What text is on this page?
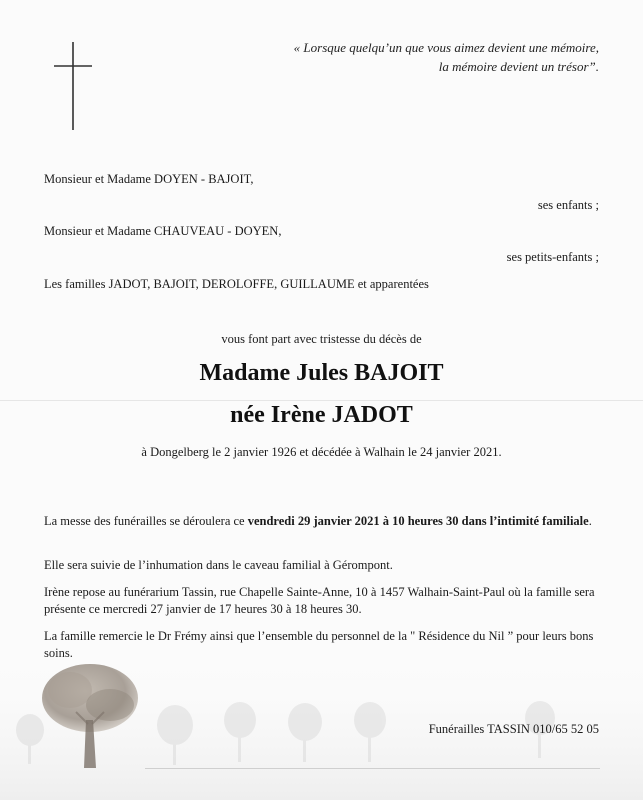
« Lorsque quelqu’un que vous aimez devient une mémoire,
la mémoire devient un trésor”.
Monsieur et Madame DOYEN - BAJOIT,
ses enfants ;
Monsieur et Madame CHAUVEAU - DOYEN,
ses petits-enfants ;
Les familles JADOT, BAJOIT, DEROLOFFE, GUILLAUME et apparentées
vous font part avec tristesse du décès de
Madame Jules BAJOIT
née Irène JADOT
à Dongelberg le 2 janvier 1926 et décédée à Walhain le 24 janvier 2021.
La messe des funérailles se déroulera ce vendredi 29 janvier 2021 à 10 heures 30 dans l’intimité familiale.
Elle sera suivie de l’inhumation dans le caveau familial à Gérompont.
Irène repose au funérarium Tassin, rue Chapelle Sainte-Anne, 10 à 1457 Walhain-Saint-Paul où la famille sera présente ce mercredi 27 janvier de 17 heures 30 à 18 heures 30.
La famille remercie le Dr Frémy ainsi que l’ensemble du personnel de la " Résidence du Nil ” pour leurs bons
Funérailles TASSIN 010/65 52 05
